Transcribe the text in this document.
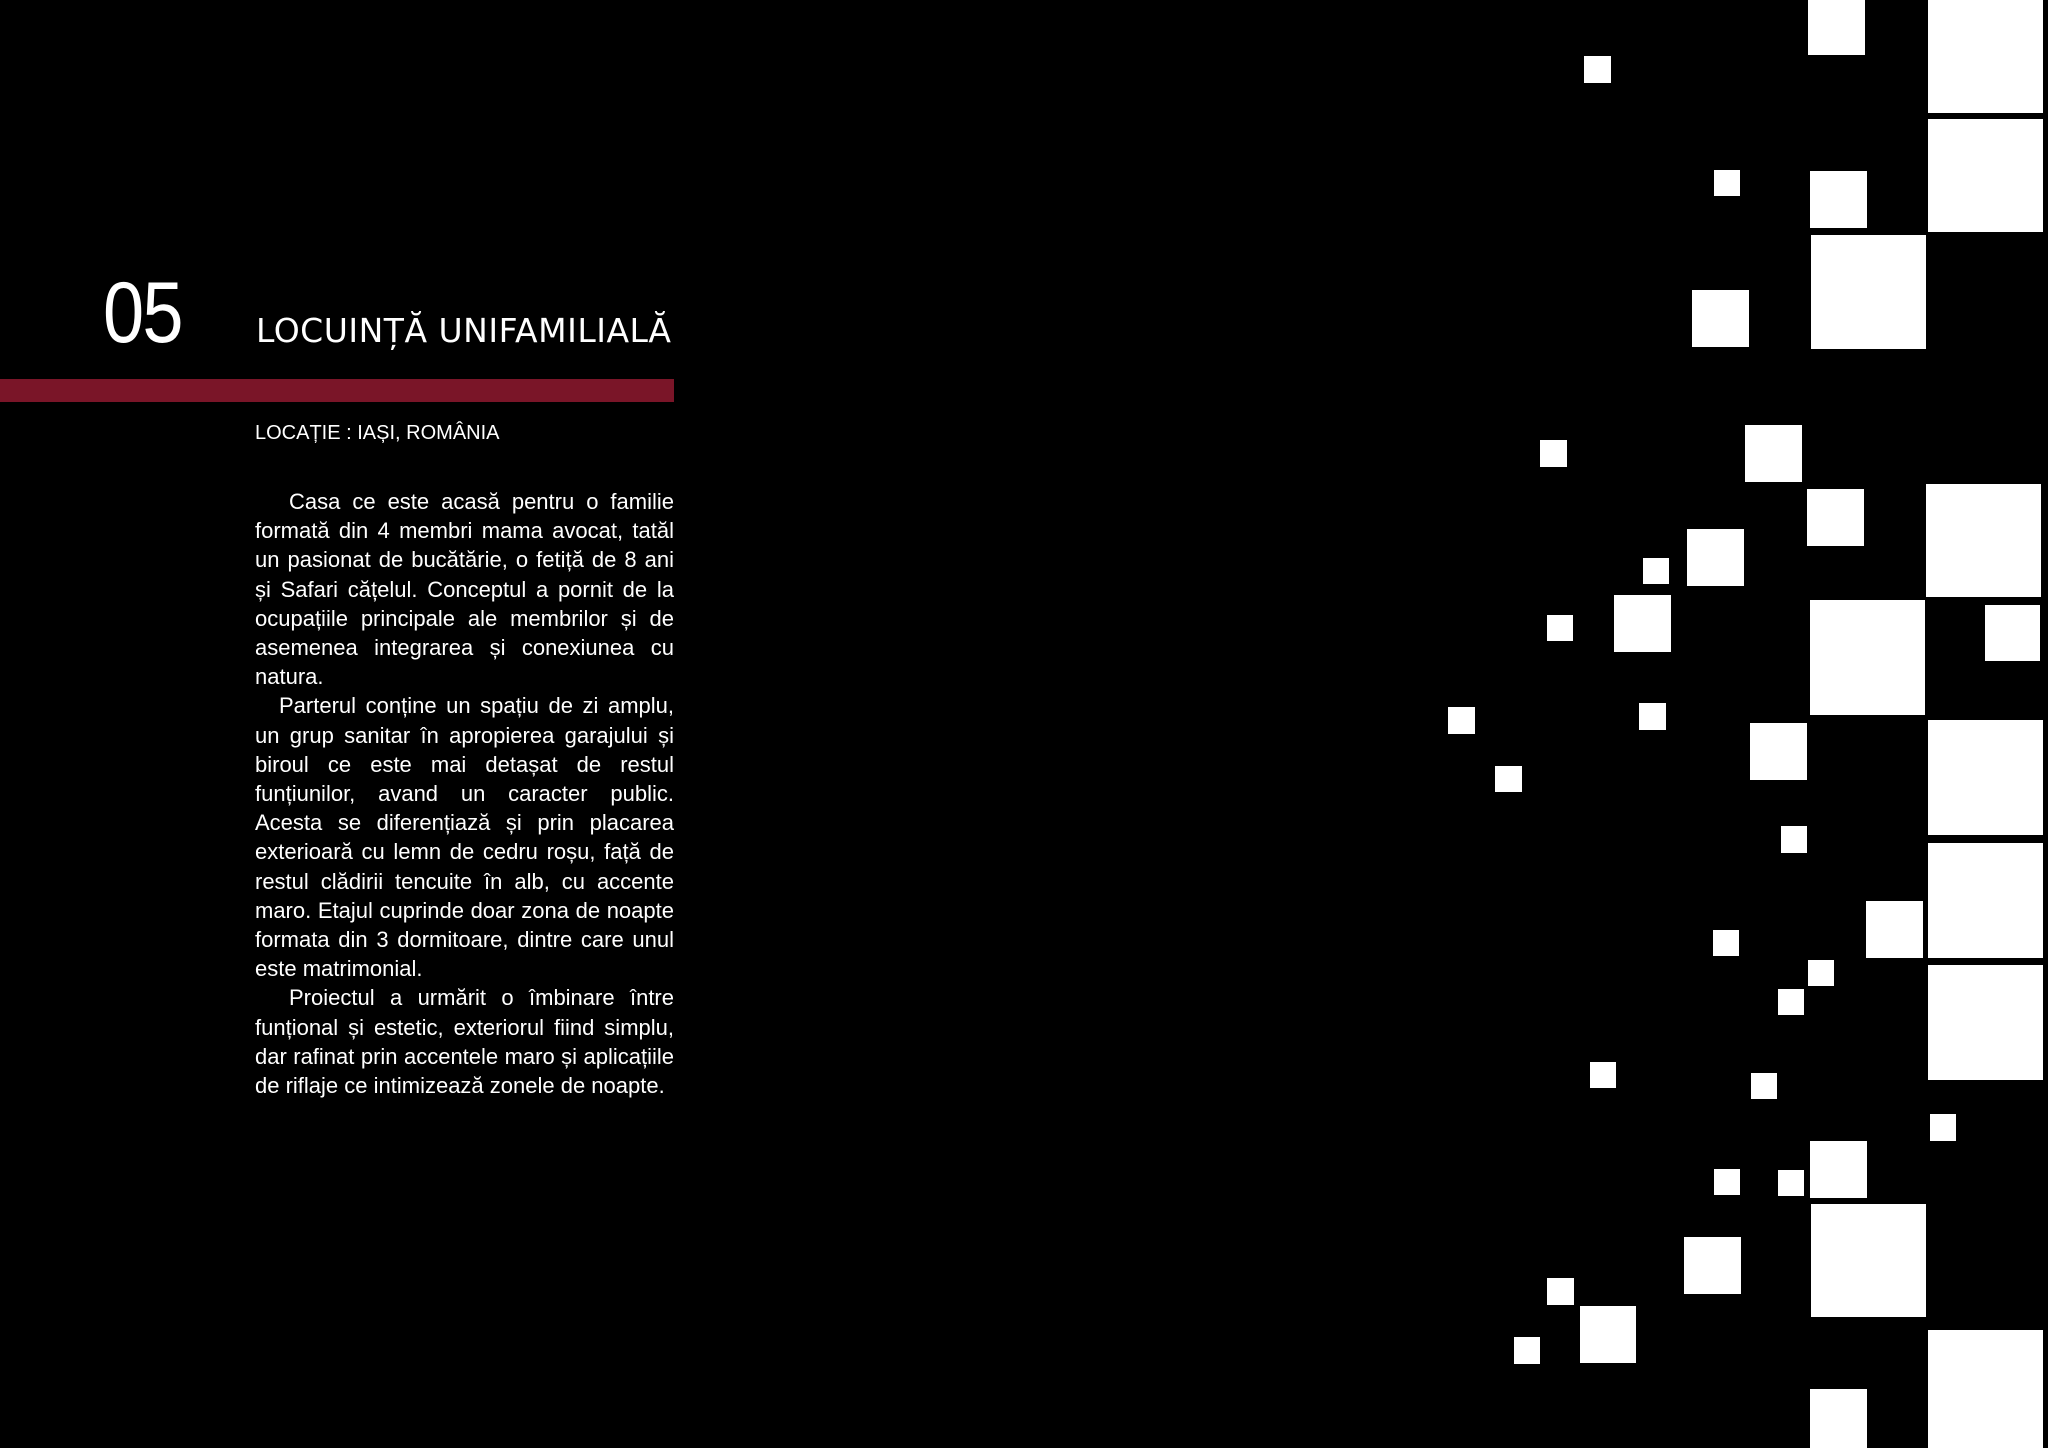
05 LOCUINȚĂ UNIFAMILIALĂ
LOCAȚIE : IAȘI, ROMÂNIA

Casa ce este acasă pentru o familie formată din 4 membri mama avocat, tatăl un pasionat de bucătărie, o fetiță de 8 ani și Safari cățelul. Conceptul a pornit de la ocupațiile principale ale membrilor și de asemenea integrarea și conexiunea cu natura.

Parterul conține un spațiu de zi amplu, un grup sanitar în apropierea garajului și biroul ce este mai detașat de restul funțiunilor, avand un caracter public. Acesta se diferențiază și prin placarea exterioară cu lemn de cedru roșu, față de restul clădirii tencuite în alb, cu accente maro. Etajul cuprinde doar zona de noapte formata din 3 dormitoare, dintre care unul este matrimonial.

Proiectul a urmărit o îmbinare între funțional și estetic, exteriorul fiind simplu, dar rafinat prin accentele maro și aplicațiile de riflaje ce intimizează zonele de noapte.
